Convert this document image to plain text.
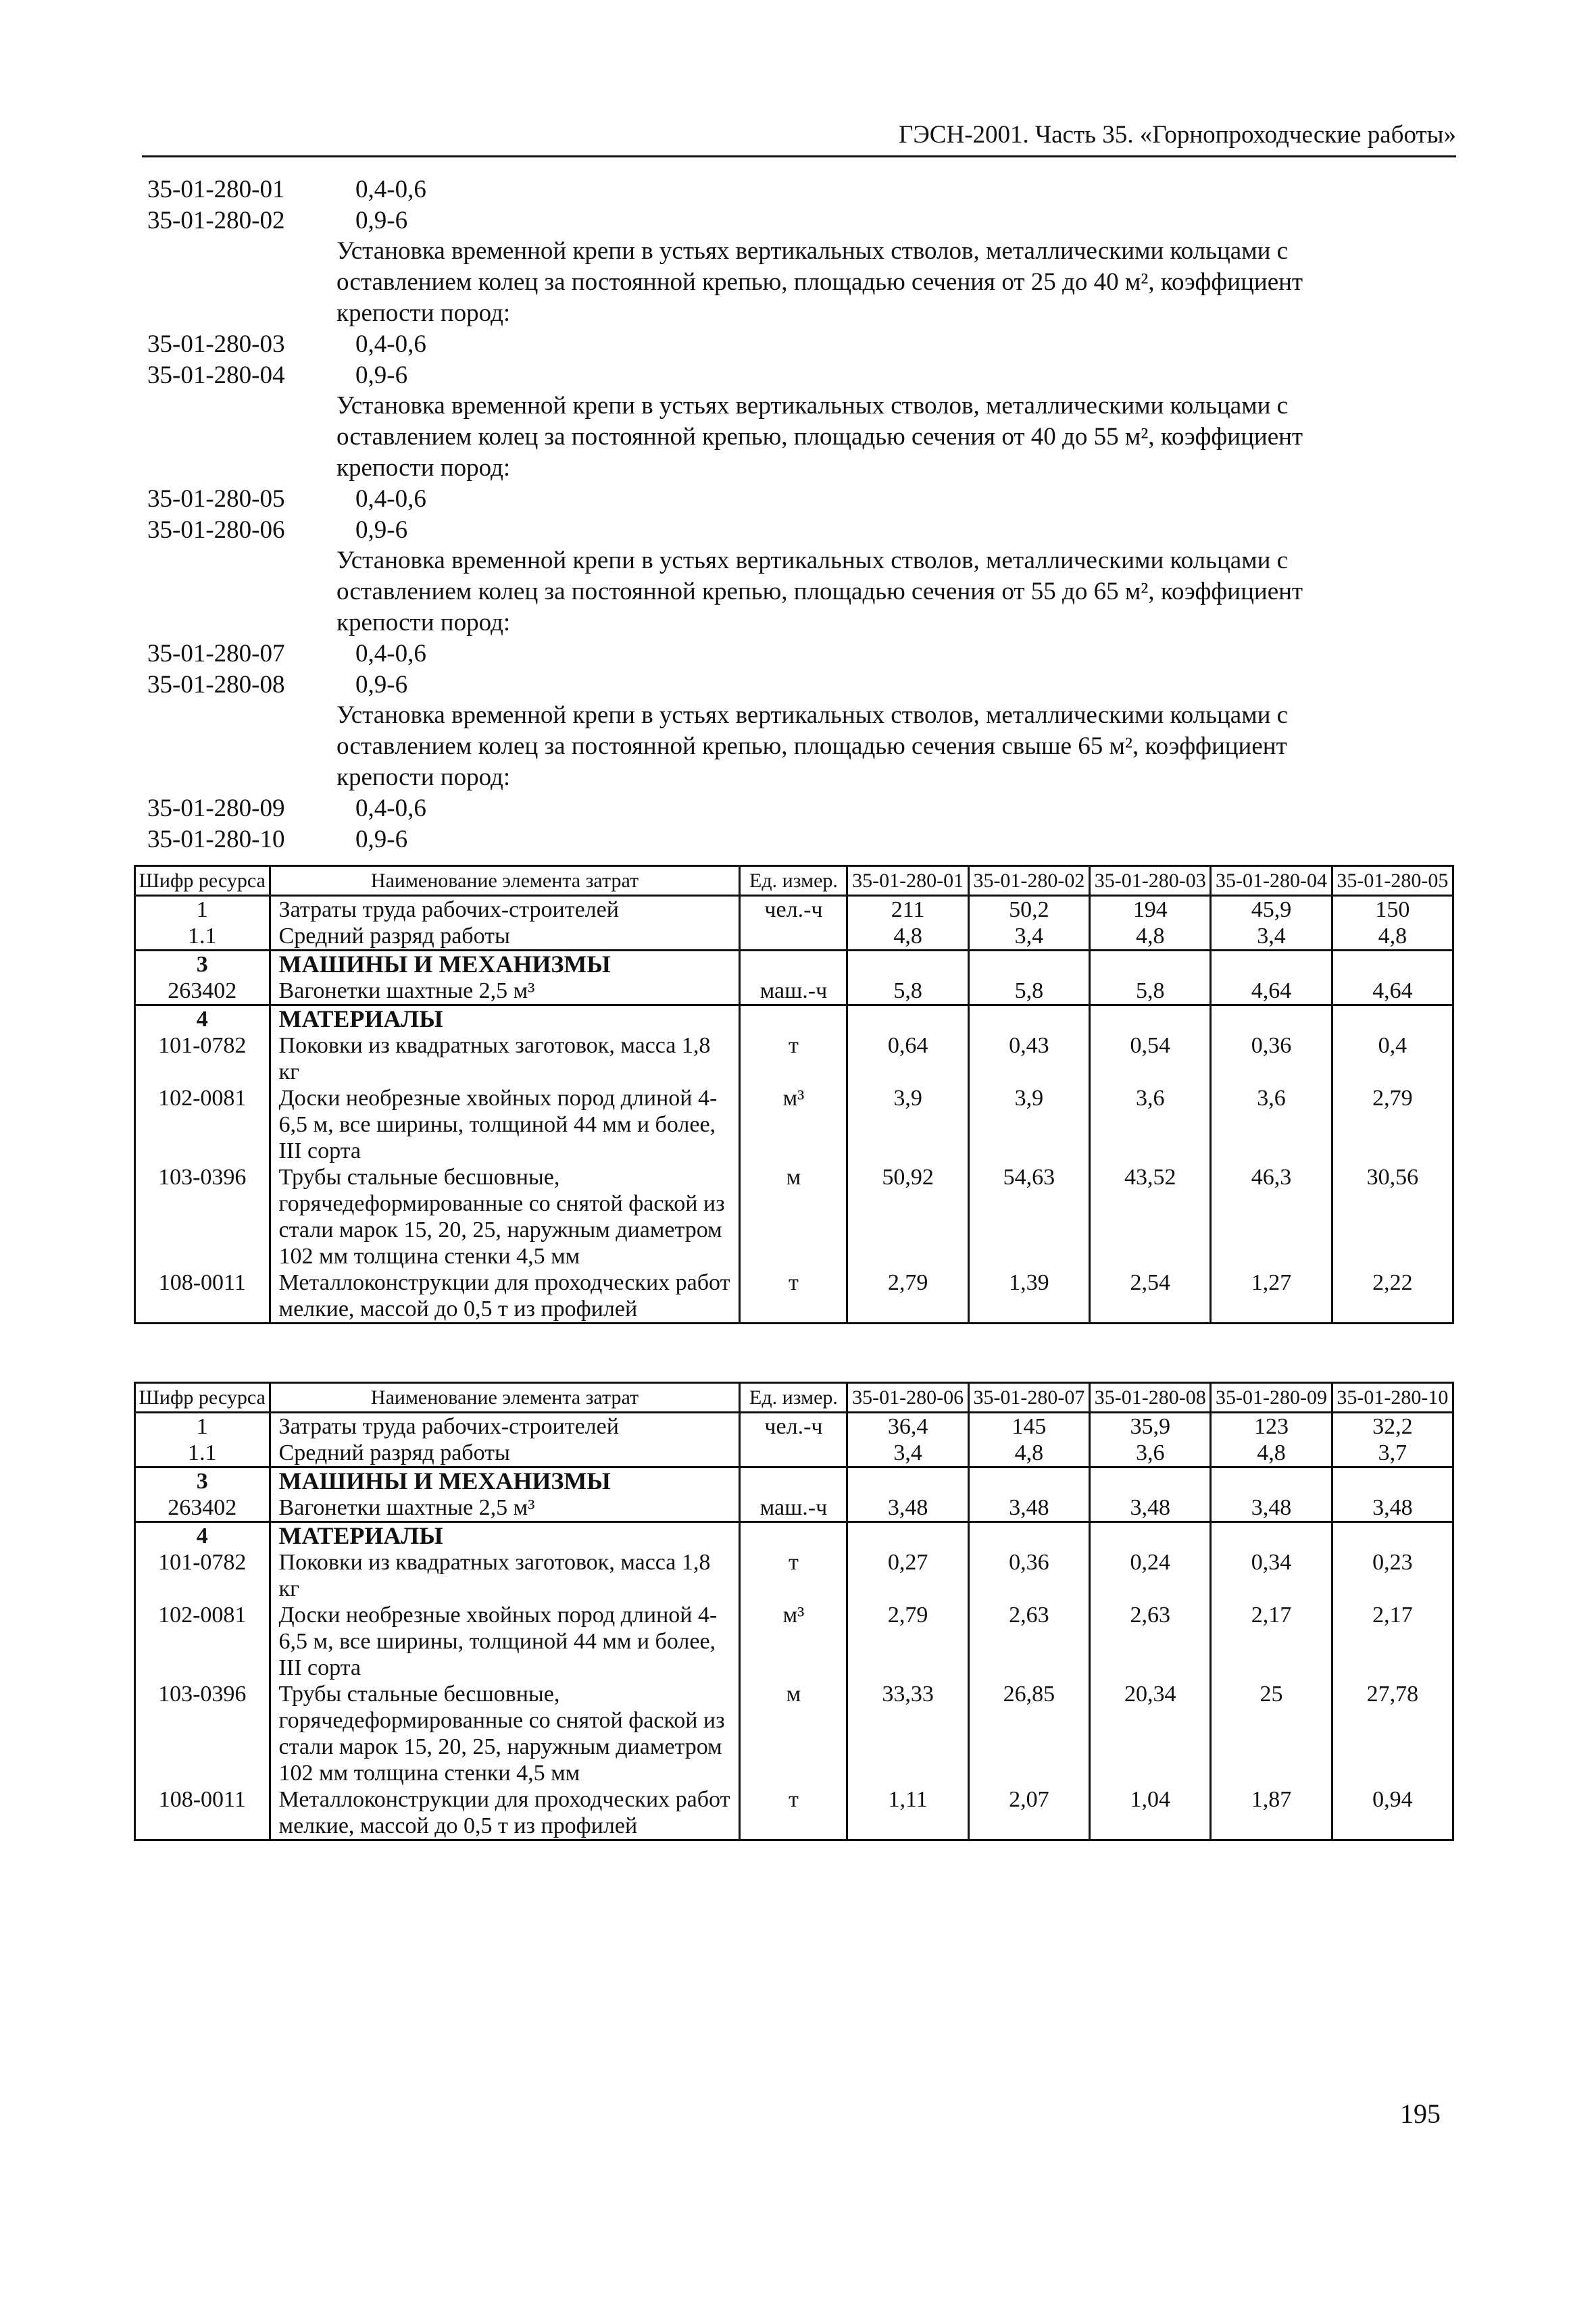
ГЭСН-2001. Часть 35. «Горнопроходческие работы»
35-01-280-01	0,4-0,6
35-01-280-02	0,9-6
Установка временной крепи в устьях вертикальных стволов, металлическими кольцами с
оставлением колец за постоянной крепью, площадью сечения от 25 до 40 м², коэффициент
крепости пород:
35-01-280-03	0,4-0,6
35-01-280-04	0,9-6
Установка временной крепи в устьях вертикальных стволов, металлическими кольцами с
оставлением колец за постоянной крепью, площадью сечения от 40 до 55 м², коэффициент
крепости пород:
35-01-280-05	0,4-0,6
35-01-280-06	0,9-6
Установка временной крепи в устьях вертикальных стволов, металлическими кольцами с
оставлением колец за постоянной крепью, площадью сечения от 55 до 65 м², коэффициент
крепости пород:
35-01-280-07	0,4-0,6
35-01-280-08	0,9-6
Установка временной крепи в устьях вертикальных стволов, металлическими кольцами с
оставлением колец за постоянной крепью, площадью сечения свыше 65 м², коэффициент
крепости пород:
35-01-280-09	0,4-0,6
35-01-280-10	0,9-6
Шифр ресурса	Наименование элемента затрат	Ед. измер.	35-01-280-01	35-01-280-02	35-01-280-03	35-01-280-04	35-01-280-05
1	Затраты труда рабочих-строителей	чел.-ч	211	50,2	194	45,9	150
1.1	Средний разряд работы		4,8	3,4	4,8	3,4	4,8
3	МАШИНЫ И МЕХАНИЗМЫ						
263402	Вагонетки шахтные 2,5 м³	маш.-ч	5,8	5,8	5,8	4,64	4,64
4	МАТЕРИАЛЫ						
101-0782	Поковки из квадратных заготовок, масса 1,8 кг	т	0,64	0,43	0,54	0,36	0,4
102-0081	Доски необрезные хвойных пород длиной 4-6,5 м, все ширины, толщиной 44 мм и более, III сорта	м³	3,9	3,9	3,6	3,6	2,79
103-0396	Трубы стальные бесшовные, горячедеформированные со снятой фаской из стали марок 15, 20, 25, наружным диаметром 102 мм толщина стенки 4,5 мм	м	50,92	54,63	43,52	46,3	30,56
108-0011	Металлоконструкции для проходческих работ мелкие, массой до 0,5 т из профилей	т	2,79	1,39	2,54	1,27	2,22
Шифр ресурса	Наименование элемента затрат	Ед. измер.	35-01-280-06	35-01-280-07	35-01-280-08	35-01-280-09	35-01-280-10
1	Затраты труда рабочих-строителей	чел.-ч	36,4	145	35,9	123	32,2
1.1	Средний разряд работы		3,4	4,8	3,6	4,8	3,7
3	МАШИНЫ И МЕХАНИЗМЫ						
263402	Вагонетки шахтные 2,5 м³	маш.-ч	3,48	3,48	3,48	3,48	3,48
4	МАТЕРИАЛЫ						
101-0782	Поковки из квадратных заготовок, масса 1,8 кг	т	0,27	0,36	0,24	0,34	0,23
102-0081	Доски необрезные хвойных пород длиной 4-6,5 м, все ширины, толщиной 44 мм и более, III сорта	м³	2,79	2,63	2,63	2,17	2,17
103-0396	Трубы стальные бесшовные, горячедеформированные со снятой фаской из стали марок 15, 20, 25, наружным диаметром 102 мм толщина стенки 4,5 мм	м	33,33	26,85	20,34	25	27,78
108-0011	Металлоконструкции для проходческих работ мелкие, массой до 0,5 т из профилей	т	1,11	2,07	1,04	1,87	0,94
195
